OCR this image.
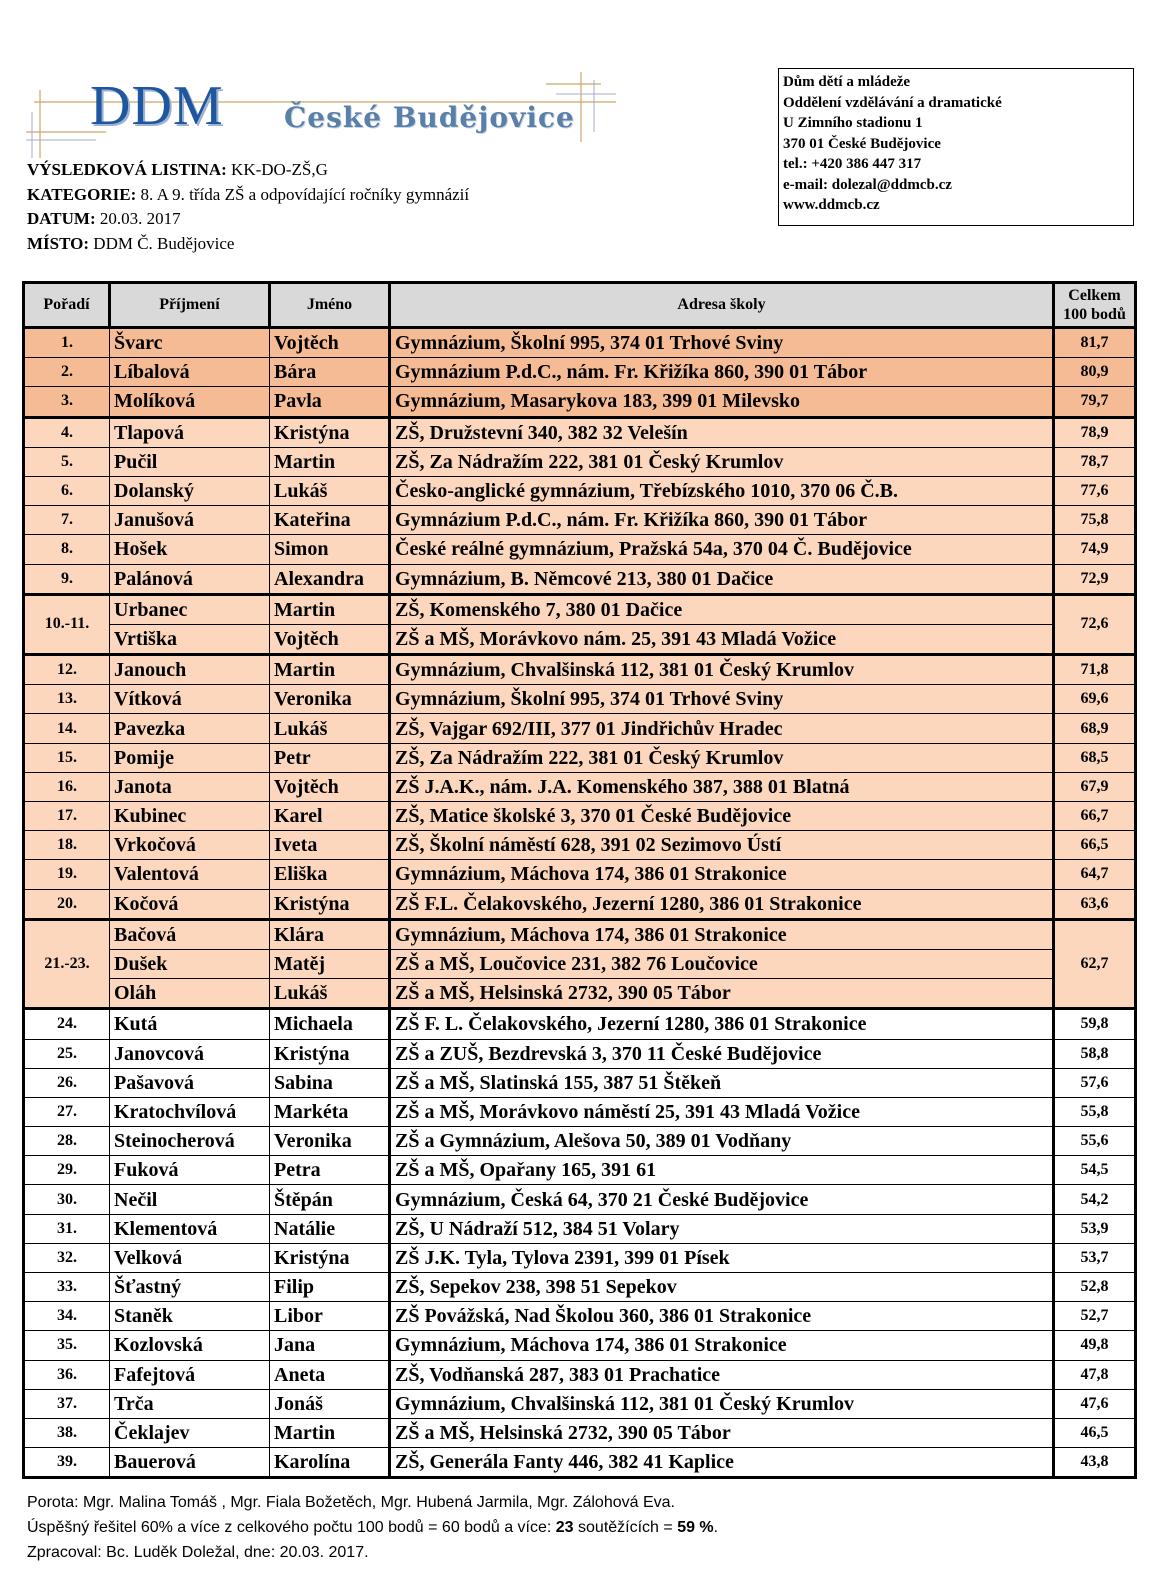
DDM České Budějovice
VÝSLEDKOVÁ LISTINA: KK-DO-ZŠ,G
KATEGORIE: 8. A 9. třída ZŠ a odpovídající ročníky gymnázií
DATUM: 20.03. 2017
MÍSTO: DDM Č. Budějovice
Dům dětí a mládeže
Oddělení vzdělávání a dramatické
U Zimního stadionu 1
370 01 České Budějovice
tel.: +420 386 447 317
e-mail: dolezal@ddmcb.cz
www.ddmcb.cz
Pořadí	Příjmení	Jméno	Adresa školy	Celkem
100 bodů
1.	Švarc	Vojtěch	Gymnázium, Školní 995, 374 01 Trhové Sviny	81,7
2.	Líbalová	Bára	Gymnázium P.d.C., nám. Fr. Křižíka 860, 390 01 Tábor	80,9
3.	Molíková	Pavla	Gymnázium, Masarykova 183, 399 01 Milevsko	79,7
4.	Tlapová	Kristýna	ZŠ, Družstevní 340, 382 32 Velešín	78,9
5.	Pučil	Martin	ZŠ, Za Nádražím 222, 381 01 Český Krumlov	78,7
6.	Dolanský	Lukáš	Česko-anglické gymnázium, Třebízského 1010, 370 06 Č.B.	77,6
7.	Janušová	Kateřina	Gymnázium P.d.C., nám. Fr. Křižíka 860, 390 01 Tábor	75,8
8.	Hošek	Simon	České reálné gymnázium, Pražská 54a, 370 04 Č. Budějovice	74,9
9.	Palánová	Alexandra	Gymnázium, B. Němcové 213, 380 01 Dačice	72,9
10.-11.	Urbanec	Martin	ZŠ, Komenského 7, 380 01 Dačice	72,6
	Vrtiška	Vojtěch	ZŠ a MŠ, Morávkovo nám. 25, 391 43 Mladá Vožice	
12.	Janouch	Martin	Gymnázium, Chvalšinská 112, 381 01 Český Krumlov	71,8
13.	Vítková	Veronika	Gymnázium, Školní 995, 374 01 Trhové Sviny	69,6
14.	Pavezka	Lukáš	ZŠ, Vajgar 692/III, 377 01 Jindřichův Hradec	68,9
15.	Pomije	Petr	ZŠ, Za Nádražím 222, 381 01 Český Krumlov	68,5
16.	Janota	Vojtěch	ZŠ J.A.K., nám. J.A. Komenského 387, 388 01 Blatná	67,9
17.	Kubinec	Karel	ZŠ, Matice školské 3, 370 01 České Budějovice	66,7
18.	Vrkočová	Iveta	ZŠ, Školní náměstí 628, 391 02 Sezimovo Ústí	66,5
19.	Valentová	Eliška	Gymnázium, Máchova 174, 386 01 Strakonice	64,7
20.	Kočová	Kristýna	ZŠ F.L. Čelakovského, Jezerní 1280, 386 01 Strakonice	63,6
21.-23.	Bačová	Klára	Gymnázium, Máchova 174, 386 01 Strakonice	62,7
	Dušek	Matěj	ZŠ a MŠ, Loučovice 231, 382 76 Loučovice	
	Oláh	Lukáš	ZŠ a MŠ, Helsinská 2732, 390 05 Tábor	
24.	Kutá	Michaela	ZŠ F. L. Čelakovského, Jezerní 1280, 386 01 Strakonice	59,8
25.	Janovcová	Kristýna	ZŠ a ZUŠ, Bezdrevská 3, 370 11 České Budějovice	58,8
26.	Pašavová	Sabina	ZŠ a MŠ, Slatinská 155, 387 51 Štěkeň	57,6
27.	Kratochvílová	Markéta	ZŠ a MŠ, Morávkovo náměstí 25, 391 43 Mladá Vožice	55,8
28.	Steinocherová	Veronika	ZŠ a Gymnázium, Alešova 50, 389 01 Vodňany	55,6
29.	Fuková	Petra	ZŠ a MŠ, Opařany 165, 391 61	54,5
30.	Nečil	Štěpán	Gymnázium, Česká 64, 370 21 České Budějovice	54,2
31.	Klementová	Natálie	ZŠ, U Nádraží 512, 384 51 Volary	53,9
32.	Velková	Kristýna	ZŠ J.K. Tyla, Tylova 2391, 399 01 Písek	53,7
33.	Šťastný	Filip	ZŠ, Sepekov 238, 398 51 Sepekov	52,8
34.	Staněk	Libor	ZŠ Povážská, Nad Školou 360, 386 01 Strakonice	52,7
35.	Kozlovská	Jana	Gymnázium, Máchova 174, 386 01 Strakonice	49,8
36.	Fafejtová	Aneta	ZŠ, Vodňanská 287, 383 01 Prachatice	47,8
37.	Trča	Jonáš	Gymnázium, Chvalšinská 112, 381 01 Český Krumlov	47,6
38.	Čeklajev	Martin	ZŠ a MŠ, Helsinská 2732, 390 05 Tábor	46,5
39.	Bauerová	Karolína	ZŠ, Generála Fanty 446, 382 41 Kaplice	43,8
Porota: Mgr. Malina Tomáš , Mgr. Fiala Božetěch, Mgr. Hubená Jarmila, Mgr. Zálohová Eva.
Úspěšný řešitel 60% a více z celkového počtu 100 bodů = 60 bodů a více: 23 soutěžících = 59 %.
Zpracoval: Bc. Luděk Doležal, dne: 20.03. 2017.
